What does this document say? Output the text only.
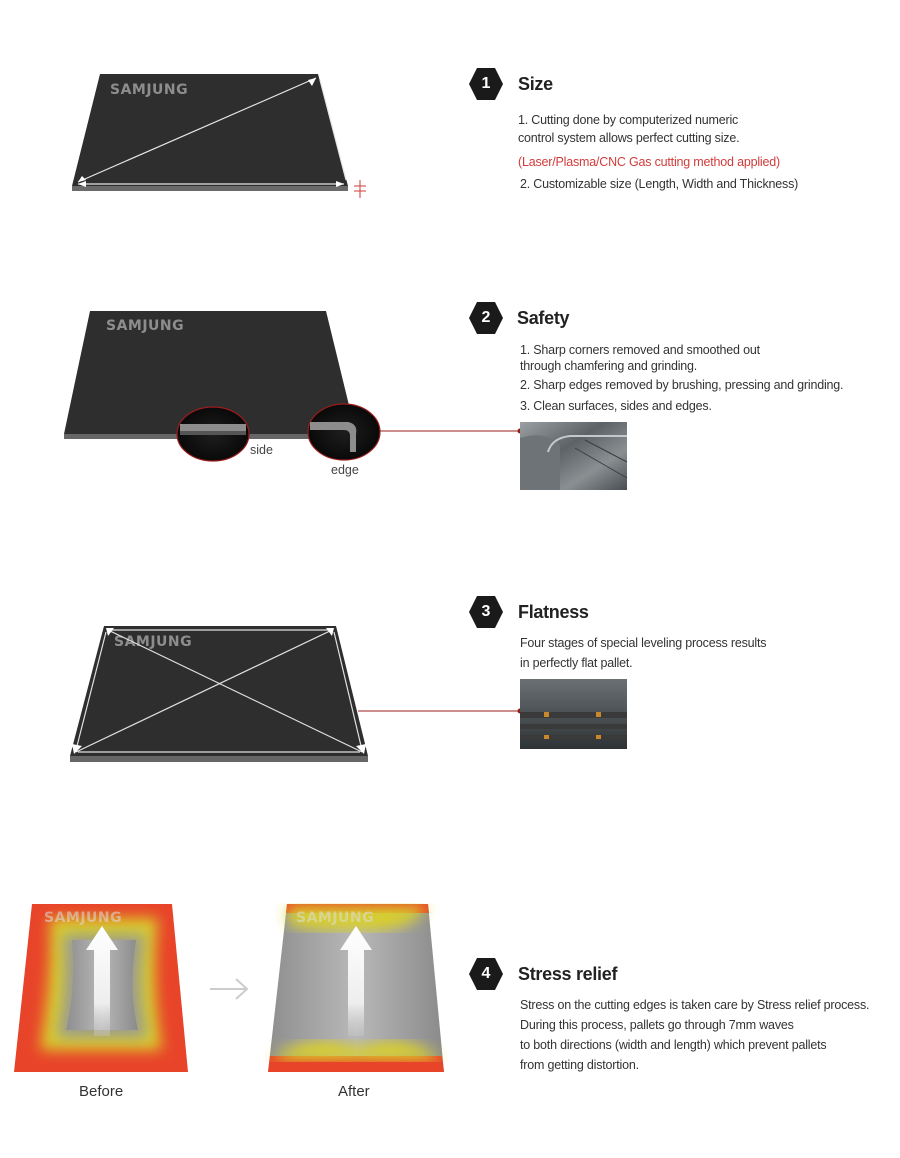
SAMJUNG	1	Size
1. Cutting done by computerized numeric
control system allows perfect cutting size.
(Laser/Plasma/CNC Gas cutting method applied)
2. Customizable size (Length, Width and Thickness)
SAMJUNG
side
edge
2	Safety
1. Sharp corners removed and smoothed out
through chamfering and grinding.
2. Sharp edges removed by brushing, pressing and grinding.
3. Clean surfaces, sides and edges.
SAMJUNG
3	Flatness
Four stages of special leveling process results
in perfectly flat pallet.
SAMJUNG	SAMJUNG
Before	After
4	Stress relief
Stress on the cutting edges is taken care by Stress relief process.
During this process, pallets go through 7mm waves
to both directions (width and length) which prevent pallets
from getting distortion.
